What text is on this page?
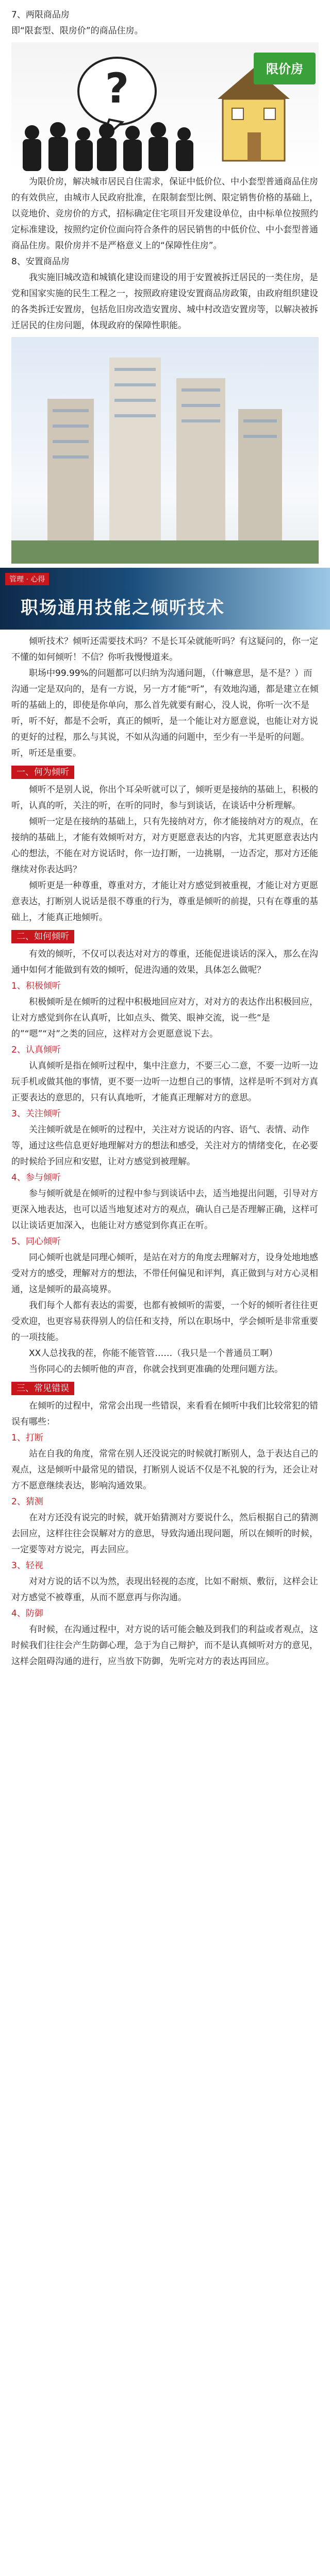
7、两限商品房
即“限套型、限房价”的商品住房。
?	限价房
为限价房，解决城市居民自住需求，保证中低价位、中小套型普通商品住房的有效供应，由城市人民政府批准，在限制套型比例、限定销售价格的基础上，以竞地价、竞房价的方式，招标确定住宅项目开发建设单位，由中标单位按照约定标准建设，按照约定价位面向符合条件的居民销售的中低价位、中小套型普通商品住房。限价房并不是严格意义上的“保障性住房”。
8、安置商品房
我实施旧城改造和城镇化建设而建设的用于安置被拆迁居民的一类住房，是党和国家实施的民生工程之一，按照政府建设安置商品房政策，由政府组织建设的各类拆迁安置房，包括危旧房改造安置房、城中村改造安置房等，以解决被拆迁居民的住房问题，体现政府的保障性职能。
管理 · 心得
职场通用技能之倾听技术
倾听技术？倾听还需要技术吗？不是长耳朵就能听吗？有这疑问的，你一定不懂的如何倾听！不信？你听我慢慢道来。
职场中99.99%的问题都可以归纳为沟通问题，（什嘛意思，是不是？）而沟通一定是双向的，是有一方说，另一方才能“听”，有效地沟通，都是建立在倾听的基础上的，即使是你单向，那么首先就要有耐心，没人说，你听一次不是听，听不好，都是不会听，真正的倾听，是一个能让对方愿意说，也能让对方说的更好的过程，那么与其说，不如从沟通的问题中，至少有一半是听的问题。听，听还是重要。
一、何为倾听
倾听不是别人说，你出个耳朵听就可以了，倾听更是接纳的基础上，积极的听，认真的听，关注的听，在听的同时，参与到谈话，在谈话中分析理解。
倾听一定是在接纳的基础上，只有先接纳对方，你才能接纳对方的观点，在接纳的基础上，才能有效倾听对方，对方更愿意表达的内容，尤其更愿意表达内心的想法，不能在对方说话时，你一边打断，一边挑剔，一边否定，那对方还能继续对你表达吗？
倾听更是一种尊重，尊重对方，才能让对方感觉到被重视，才能让对方更愿意表达，打断别人说话是很不尊重的行为，尊重是倾听的前提，只有在尊重的基础上，才能真正地倾听。
二、如何倾听
有效的倾听，不仅可以表达对对方的尊重，还能促进谈话的深入，那么在沟通中如何才能做到有效的倾听，促进沟通的效果，具体怎么做呢？
1、积极倾听
积极倾听是在倾听的过程中积极地回应对方，对对方的表达作出积极回应，让对方感觉到你在认真听，比如点头、微笑、眼神交流，说一些“是的”“嗯”“对”之类的回应，这样对方会更愿意说下去。
2、认真倾听
认真倾听是指在倾听过程中，集中注意力，不要三心二意，不要一边听一边玩手机或做其他的事情，更不要一边听一边想自己的事情，这样是听不到对方真正要表达的意思的，只有认真地听，才能真正理解对方的意思。
3、关注倾听
关注倾听就是在倾听的过程中，关注对方说话的内容、语气、表情、动作等，通过这些信息更好地理解对方的想法和感受，关注对方的情绪变化，在必要的时候给予回应和安慰，让对方感觉到被理解。
4、参与倾听
参与倾听就是在倾听的过程中参与到谈话中去，适当地提出问题，引导对方更深入地表达，也可以适当地复述对方的观点，确认自己是否理解正确，这样可以让谈话更加深入，也能让对方感觉到你真正在听。
5、同心倾听
同心倾听也就是同理心倾听，是站在对方的角度去理解对方，设身处地地感受对方的感受，理解对方的想法，不带任何偏见和评判，真正做到与对方心灵相通，这是倾听的最高境界。
我们每个人都有表达的需要，也都有被倾听的需要，一个好的倾听者往往更受欢迎，也更容易获得别人的信任和支持，所以在职场中，学会倾听是非常重要的一项技能。
XX人总找我的茬，你能不能管管……（我只是一个普通员工啊）
当你同心的去倾听他的声音，你就会找到更准确的处理问题方法。
三、常见错误
在倾听的过程中，常常会出现一些错误，来看看在倾听中我们比较常犯的错误有哪些：
1、打断
站在自我的角度，常常在别人还没说完的时候就打断别人，急于表达自己的观点，这是倾听中最常见的错误，打断别人说话不仅是不礼貌的行为，还会让对方不愿意继续表达，影响沟通效果。
2、猜测
在对方还没有说完的时候，就开始猜测对方要说什么，然后根据自己的猜测去回应，这样往往会误解对方的意思，导致沟通出现问题，所以在倾听的时候，一定要等对方说完，再去回应。
3、轻视
对对方说的话不以为然，表现出轻视的态度，比如不耐烦、敷衍，这样会让对方感觉不被尊重，从而不愿意再与你沟通。
4、防御
有时候，在沟通过程中，对方说的话可能会触及到我们的利益或者观点，这时候我们往往会产生防御心理，急于为自己辩护，而不是认真倾听对方的意见，这样会阻碍沟通的进行，应当放下防御，先听完对方的表达再回应。
